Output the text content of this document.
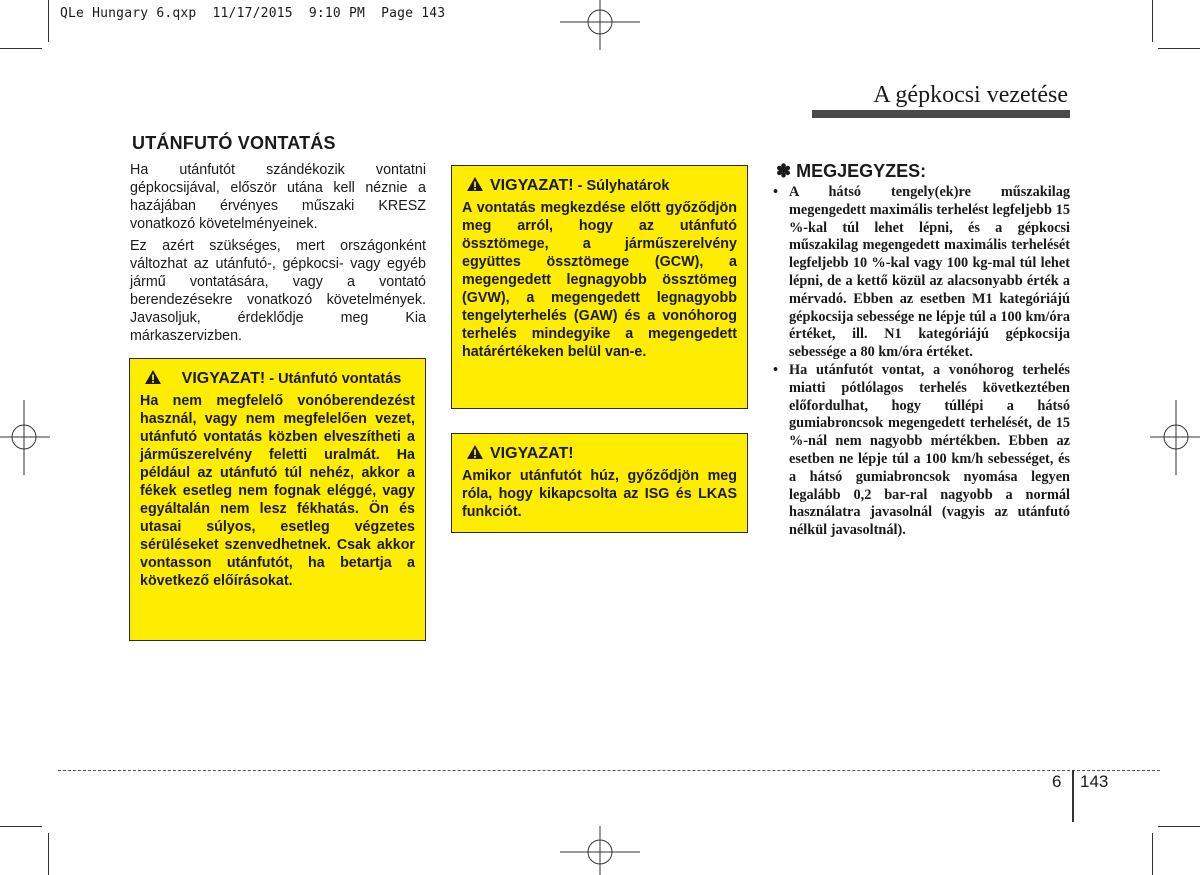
QLe Hungary 6.qxp  11/17/2015  9:10 PM  Page 143
A gépkocsi vezetése
UTÁNFUTÓ VONTATÁS

Ha utánfutót szándékozik vontatni gépkocsijával, először utána kell néznie a hazájában érvényes műszaki KRESZ vonatkozó követelményeinek.

Ez azért szükséges, mert országonként változhat az utánfutó-, gépkocsi- vagy egyéb jármű vontatására, vagy a vontató berendezésekre vonatkozó követelmények. Javasoljuk, érdeklődje meg Kia márkaszervizben.

VIGYAZAT! - Utánfutó vontatás

Ha nem megfelelő vonóberendezést használ, vagy nem megfelelően vezet, utánfutó vontatás közben elveszítheti a járműszerelvény feletti uralmát. Ha például az utánfutó túl nehéz, akkor a fékek esetleg nem fognak eléggé, vagy egyáltalán nem lesz fékhatás. Ön és utasai súlyos, esetleg végzetes sérüléseket szenvedhetnek. Csak akkor vontasson utánfutót, ha betartja a következő előírásokat.

VIGYAZAT! - Súlyhatárok

A vontatás megkezdése előtt győződjön meg arról, hogy az utánfutó össztömege, a járműszerelvény együttes össztömege (GCW), a megengedett legnagyobb össztömeg (GVW), a megengedett legnagyobb tengelyterhelés (GAW) és a vonóhorog terhelés mindegyike a megengedett határértékeken belül van-e.

VIGYAZAT!

Amikor utánfutót húz, győződjön meg róla, hogy kikapcsolta az ISG és LKAS funkciót.

✽ MEGJEGYZES:
• A hátsó tengely(ek)re műszakilag megengedett maximális terhelést legfeljebb 15 %-kal túl lehet lépni, és a gépkocsi műszakilag megengedett maximális terhelését legfeljebb 10 %-kal vagy 100 kg-mal túl lehet lépni, de a kettő közül az alacsonyabb érték a mérvadó. Ebben az esetben M1 kategóriájú gépkocsija sebessége ne lépje túl a 100 km/óra értéket, ill. N1 kategóriájú gépkocsija sebessége a 80 km/óra értéket.
• Ha utánfutót vontat, a vonóhorog terhelés miatti pótlólagos terhelés következtében előfordulhat, hogy túllépi a hátsó gumiabroncsok megengedett terhelését, de 15 %-nál nem nagyobb mértékben. Ebben az esetben ne lépje túl a 100 km/h sebességet, és a hátsó gumiabroncsok nyomása legyen legalább 0,2 bar-ral nagyobb a normál használatra javasolnál (vagyis az utánfutó nélkül javasoltnál).
6 143
